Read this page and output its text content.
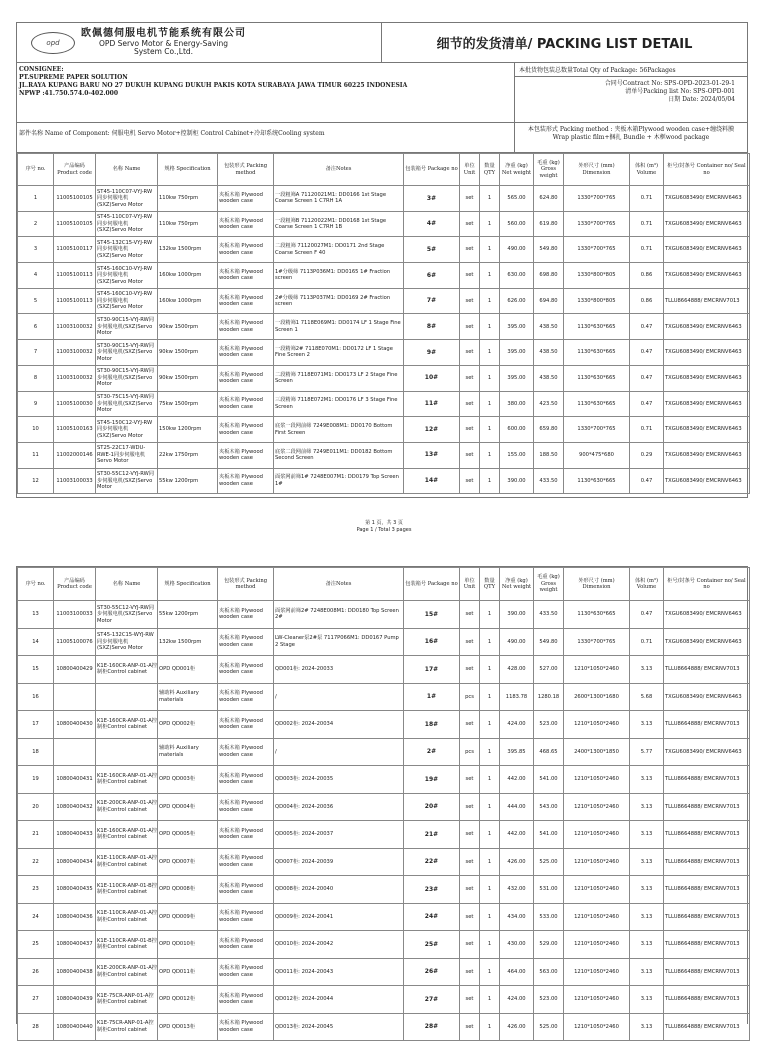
opd
欧佩德伺服电机节能系统有限公司
OPD Servo Motor & Energy-Saving
System Co.,Ltd.	细节的发货清单/ PACKING LIST DETAIL
CONSIGNEE:
PT.SUPREME PAPER SOLUTION
JL.RAYA KUPANG BARU NO 27 DUKUH KUPANG DUKUH PAKIS KOTA SURABAYA JAWA TIMUR 60225 INDONESIA
NPWP :41.750.574.0-402.000
本批货物包装总数量Total Qty of Package: 56Packages
合同号Contract No: SPS-OPD-2023-01-29-1
清单号Packing list No: SPS-OPD-001
日期 Date: 2024/05/04
部件名称 Name of Component: 伺服电机 Servo Motor+控制柜 Control Cabinet+冷却系统Cooling system
本包装形式 Packing method : 夹板木箱Plywood wooden case+缠绕料膜 Wrap plastic film+捆扎 Bundle + 木框wood package
序号 no.	产品编码 Product code	名称 Name	规格 Specification	包装形式 Packing method	备注Notes	包装箱号 Package no	单位 Unit	数量 QTY	净重 (kg) Net weight	毛重 (kg) Gross weight	外形尺寸 (mm) Dimension	体积 (m³) Volume	柜号/封条号 Container no/ Seal no
1	11005100105	ST45-110C07-VYJ-RW同步伺服电机(SXZ)Servo Motor	110kw 750rpm	夹板木箱 Plywood wooden case	一段粗筛A 71120021M1: DD0166 1st Stage Coarse Screen 1 C7RH 1A	3#	set	1	565.00	624.80	1330*700*765	0.71	TXGU6083490/ EMCRNV6463
2	11005100105	ST45-110C07-VYJ-RW同步伺服电机(SXZ)Servo Motor	110kw 750rpm	夹板木箱 Plywood wooden case	一段粗筛B 71120022M1: DD0168 1st Stage Coarse Screen 1 C7RH 1B	4#	set	1	560.00	619.80	1330*700*765	0.71	TXGU6083490/ EMCRNV6463
3	11005100117	ST45-132C15-VYJ-RW同步伺服电机(SXZ)Servo Motor	132kw 1500rpm	夹板木箱 Plywood wooden case	二段粗筛 71120027M1: DD0171 2nd Stage Coarse Screen F 40	5#	set	1	490.00	549.80	1330*700*765	0.71	TXGU6083490/ EMCRNV6463
4	11005100113	ST45-160C10-VYJ-RW同步伺服电机(SXZ)Servo Motor	160kw 1000rpm	夹板木箱 Plywood wooden case	1#分级筛 7113P036M1: DD0165 1# Fraction screen	6#	set	1	630.00	698.80	1330*800*805	0.86	TXGU6083490/ EMCRNV6463
5	11005100113	ST45-160C10-VYJ-RW同步伺服电机(SXZ)Servo Motor	160kw 1000rpm	夹板木箱 Plywood wooden case	2#分级筛 7113P037M1: DD0169 2# Fraction screen	7#	set	1	626.00	694.80	1330*800*805	0.86	TLLU8664888/ EMCRNV7013
6	11003100032	ST30-90C15-VYJ-RW同步伺服电机(SXZ)Servo Motor	90kw 1500rpm	夹板木箱 Plywood wooden case	一段精筛1 7118E069M1: DD0174 LF 1 Stage Fine Screen 1	8#	set	1	395.00	438.50	1130*630*665	0.47	TXGU6083490/ EMCRNV6463
7	11003100032	ST30-90C15-VYJ-RW同步伺服电机(SXZ)Servo Motor	90kw 1500rpm	夹板木箱 Plywood wooden case	一段精筛2# 7118E070M1: DD0172 LF 1 Stage Fine Screen 2	9#	set	1	395.00	438.50	1130*630*665	0.47	TXGU6083490/ EMCRNV6463
8	11003100032	ST30-90C15-VYJ-RW同步伺服电机(SXZ)Servo Motor	90kw 1500rpm	夹板木箱 Plywood wooden case	二段精筛 7118E071M1: DD0173 LF 2 Stage Fine Screen	10#	set	1	395.00	438.50	1130*630*665	0.47	TXGU6083490/ EMCRNV6463
9	11005100030	ST30-75C15-VYJ-RW同步伺服电机(SXZ)Servo Motor	75kw 1500rpm	夹板木箱 Plywood wooden case	三段精筛 7118E072M1: DD0176 LF 3 Stage Fine Screen	11#	set	1	380.00	423.50	1130*630*665	0.47	TXGU6083490/ EMCRNV6463
10	11005100163	ST45-150C12-VYJ-RW同步伺服电机(SXZ)Servo Motor	150kw 1200rpm	夹板木箱 Plywood wooden case	底浆一段网前筛 7249E008M1: DD0170 Bottom First Screen	12#	set	1	600.00	659.80	1330*700*765	0.71	TXGU6083490/ EMCRNV6463
11	11002000146	ST25-22C17-WDU-RWE-1同步伺服电机Servo Motor	22kw 1750rpm	夹板木箱 Plywood wooden case	底浆二段网前筛 7249E011M1: DD0182 Bottom Second Screen	13#	set	1	155.00	188.50	900*475*680	0.29	TXGU6083490/ EMCRNV6463
12	11003100033	ST30-55C12-VYJ-RW同步伺服电机(SXZ)Servo Motor	55kw 1200rpm	夹板木箱 Plywood wooden case	面浆网前筛1# 7248E007M1: DD0179 Top Screen 1#	14#	set	1	390.00	433.50	1130*630*665	0.47	TXGU6083490/ EMCRNV6463
第 1 页，共 3 页
Page 1 / Total 3 pages
序号 no.	产品编码 Product code	名称 Name	规格 Specification	包装形式 Packing method	备注Notes	包装箱号 Package no	单位 Unit	数量 QTY	净重 (kg) Net weight	毛重 (kg) Gross weight	外形尺寸 (mm) Dimension	体积 (m³) Volume	柜号/封条号 Container no/ Seal no
13	11003100033	ST30-55C12-VYJ-RW同步伺服电机(SXZ)Servo Motor	55kw 1200rpm	夹板木箱 Plywood wooden case	面浆网前筛2# 7248E008M1: DD0180 Top Screen 2#	15#	set	1	390.00	433.50	1130*630*665	0.47	TXGU6083490/ EMCRNV6463
14	11005100076	ST45-132C15-WYJ-RW同步伺服电机(SXZ)Servo Motor	132kw 1500rpm	夹板木箱 Plywood wooden case	LW-Cleaner泵2#泵 7117P066M1: DD0167 Pump 2 Stage	16#	set	1	490.00	549.80	1330*700*765	0.71	TXGU6083490/ EMCRNV6463
15	10800400429	K1E-160CR-ANP-01-A控制柜Control cabinet	OPD QD001柜	夹板木箱 Plywood wooden case	QD001柜: 2024-20033	17#	set	1	428.00	527.00	1210*1050*2460	3.13	TLLU8664888/ EMCRNV7013
16			辅助料 Auxiliary materials	夹板木箱 Plywood wooden case	/	1#	pcs	1	1183.78	1280.18	2600*1300*1680	5.68	TXGU6083490/ EMCRNV6463
17	10800400430	K1E-160CR-ANP-01-A控制柜Control cabinet	OPD QD002柜	夹板木箱 Plywood wooden case	QD002柜: 2024-20034	18#	set	1	424.00	523.00	1210*1050*2460	3.13	TLLU8664888/ EMCRNV7013
18			辅助料 Auxiliary materials	夹板木箱 Plywood wooden case	/	2#	pcs	1	395.85	468.65	2400*1300*1850	5.77	TXGU6083490/ EMCRNV6463
19	10800400431	K1E-160CR-ANP-01-A控制柜Control cabinet	OPD QD003柜	夹板木箱 Plywood wooden case	QD003柜: 2024-20035	19#	set	1	442.00	541.00	1210*1050*2460	3.13	TLLU8664888/ EMCRNV7013
20	10800400432	K1E-200CR-ANP-01-A控制柜Control cabinet	OPD QD004柜	夹板木箱 Plywood wooden case	QD004柜: 2024-20036	20#	set	1	444.00	543.00	1210*1050*2460	3.13	TLLU8664888/ EMCRNV7013
21	10800400433	K1E-160CR-ANP-01-A控制柜Control cabinet	OPD QD005柜	夹板木箱 Plywood wooden case	QD005柜: 2024-20037	21#	set	1	442.00	541.00	1210*1050*2460	3.13	TLLU8664888/ EMCRNV7013
22	10800400434	K1E-110CR-ANP-01-A控制柜Control cabinet	OPD QD007柜	夹板木箱 Plywood wooden case	QD007柜: 2024-20039	22#	set	1	426.00	525.00	1210*1050*2460	3.13	TLLU8664888/ EMCRNV7013
23	10800400435	K1E-110CR-ANP-01-B控制柜Control cabinet	OPD QD008柜	夹板木箱 Plywood wooden case	QD008柜: 2024-20040	23#	set	1	432.00	531.00	1210*1050*2460	3.13	TLLU8664888/ EMCRNV7013
24	10800400436	K1E-110CR-ANP-01-A控制柜Control cabinet	OPD QD009柜	夹板木箱 Plywood wooden case	QD009柜: 2024-20041	24#	set	1	434.00	533.00	1210*1050*2460	3.13	TLLU8664888/ EMCRNV7013
25	10800400437	K1E-110CR-ANP-01-B控制柜Control cabinet	OPD QD010柜	夹板木箱 Plywood wooden case	QD010柜: 2024-20042	25#	set	1	430.00	529.00	1210*1050*2460	3.13	TLLU8664888/ EMCRNV7013
26	10800400438	K1E-200CR-ANP-01-A控制柜Control cabinet	OPD QD011柜	夹板木箱 Plywood wooden case	QD011柜: 2024-20043	26#	set	1	464.00	563.00	1210*1050*2460	3.13	TLLU8664888/ EMCRNV7013
27	10800400439	K1E-75CR-ANP-01-A控制柜Control cabinet	OPD QD012柜	夹板木箱 Plywood wooden case	QD012柜: 2024-20044	27#	set	1	424.00	523.00	1210*1050*2460	3.13	TLLU8664888/ EMCRNV7013
28	10800400440	K1E-75CR-ANP-01-A控制柜Control cabinet	OPD QD013柜	夹板木箱 Plywood wooden case	QD013柜: 2024-20045	28#	set	1	426.00	525.00	1210*1050*2460	3.13	TLLU8664888/ EMCRNV7013
